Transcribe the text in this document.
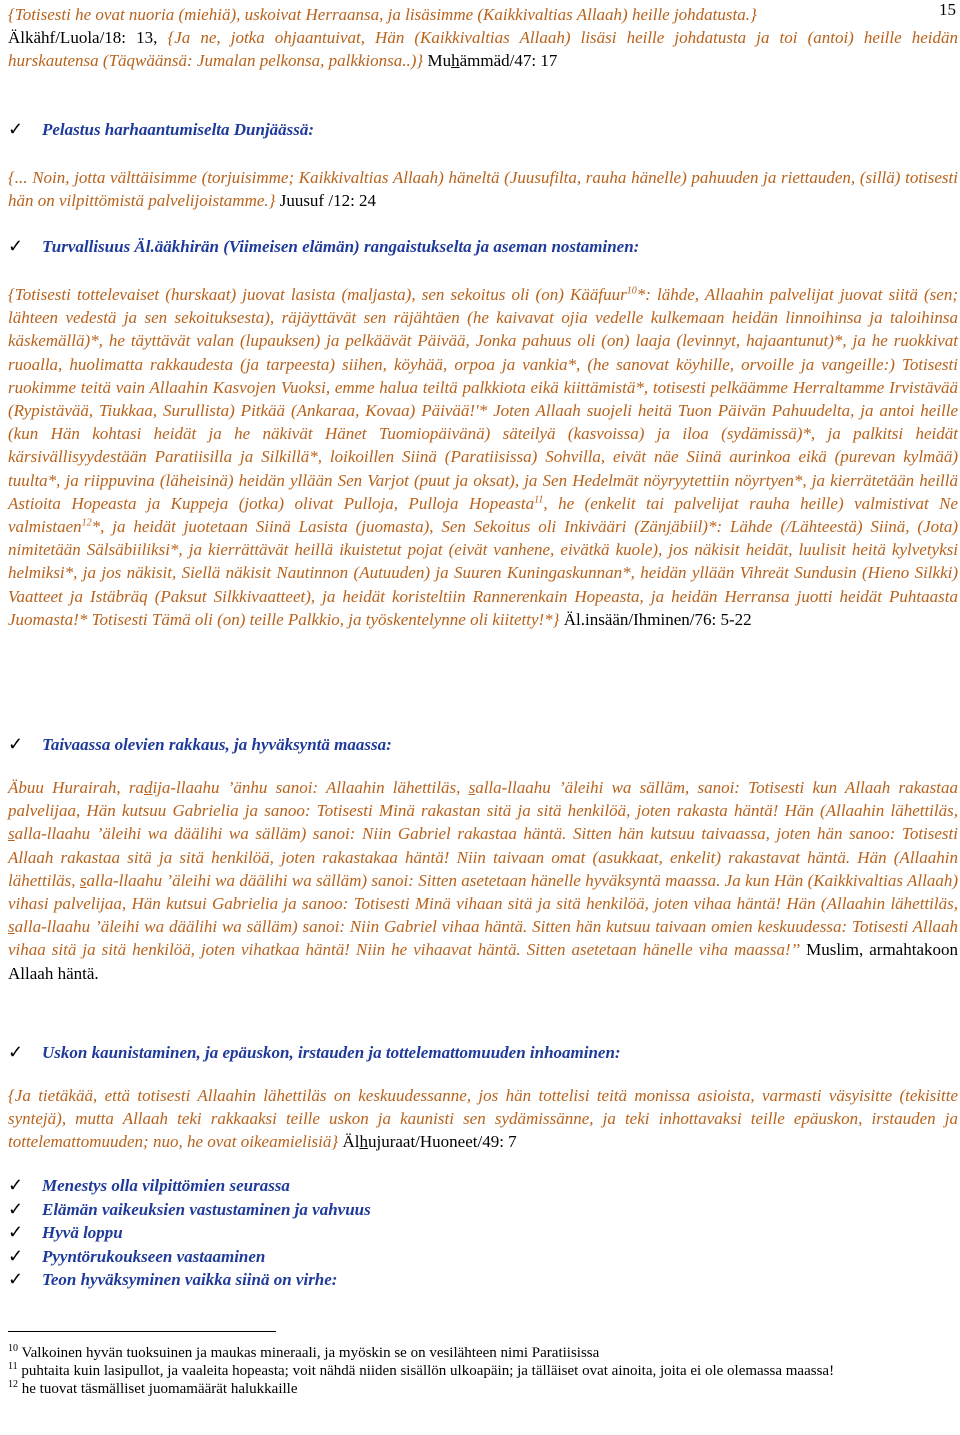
15

{Totisesti he ovat nuoria (miehiä), uskoivat Herraansa, ja lisäsimme (Kaikkivaltias Allaah) heille johdatusta.}
Älkähf/Luola/18: 13, {Ja ne, jotka ohjaantuivat, Hän (Kaikkivaltias Allaah) lisäsi heille johdatusta ja toi (antoi) heille heidän hurskautensa (Täqwäänsä: Jumalan pelkonsa, palkkionsa..)} Muhämmäd/47: 17

✓	Pelastus harhaantumiselta Dunjäässä:

{... Noin, jotta välttäisimme (torjuisimme; Kaikkivaltias Allaah) häneltä (Juusufilta, rauha hänelle) pahuuden ja riettauden, (sillä) totisesti hän on vilpittömistä palvelijoistamme.} Juusuf /12: 24

✓	Turvallisuus Äl.ääkhirän (Viimeisen elämän) rangaistukselta ja aseman nostaminen:

{Totisesti tottelevaiset (hurskaat) juovat lasista (maljasta), sen sekoitus oli (on) Kääfuur$^{10}$*: lähde, Allaahin palvelijat juovat siitä (sen; lähteen vedestä ja sen sekoituksesta), räjäyttävät sen räjähtäen (he kaivavat ojia vedelle kulkemaan heidän linnoihinsa ja taloihinsa käskemällä)*, he täyttävät valan (lupauksen) ja pelkäävät Päivää, Jonka pahuus oli (on) laaja (levinnyt, hajaantunut)*, ja he ruokkivat ruoalla, huolimatta rakkaudesta (ja tarpeesta) siihen, köyhää, orpoa ja vankia*, (he sanovat köyhille, orvoille ja vangeille:) Totisesti ruokimme teitä vain Allaahin Kasvojen Vuoksi, emme halua teiltä palkkiota eikä kiittämistä*, totisesti pelkäämme Herraltamme Irvistävää (Rypistävää, Tiukkaa, Surullista) Pitkää (Ankaraa, Kovaa) Päivää!'* Joten Allaah suojeli heitä Tuon Päivän Pahuudelta, ja antoi heille (kun Hän kohtasi heidät ja he näkivät Hänet Tuomiopäivänä) säteilyä (kasvoissa) ja iloa (sydämissä)*, ja palkitsi heidät kärsivällisyydestään Paratiisilla ja Silkillä*, loikoillen Siinä (Paratiisissa) Sohvilla, eivät näe Siinä aurinkoa eikä (purevan kylmää) tuulta*, ja riippuvina (läheisinä) heidän yllään Sen Varjot (puut ja oksat), ja Sen Hedelmät nöyryytettiin nöyrtyen*, ja kierrätetään heillä Astioita Hopeasta ja Kuppeja (jotka) olivat Pulloja, Pulloja Hopeasta$^{11}$, he (enkelit tai palvelijat rauha heille) valmistivat Ne valmistaen$^{12}$*, ja heidät juotetaan Siinä Lasista (juomasta), Sen Sekoitus oli Inkivääri (Zänjäbiil)*: Lähde (/Lähteestä) Siinä, (Jota) nimitetään Sälsäbiiliksi*, ja kierrättävät heillä ikuistetut pojat (eivät vanhene, eivätkä kuole), jos näkisit heidät, luulisit heitä kylvetyksi helmiksi*, ja jos näkisit, Siellä näkisit Nautinnon (Autuuden) ja Suuren Kuningaskunnan*, heidän yllään Vihreät Sundusin (Hieno Silkki) Vaatteet ja Istäbräq (Paksut Silkkivaatteet), ja heidät koristeltiin Rannerenkain Hopeasta, ja heidän Herransa juotti heidät Puhtaasta Juomasta!* Totisesti Tämä oli (on) teille Palkkio, ja työskentelynne oli kiitetty!*} Äl.insään/Ihminen/76: 5-22

✓	Taivaassa olevien rakkaus, ja hyväksyntä maassa:

Äbuu Hurairah, radija-llaahu ’änhu sanoi: Allaahin lähettiläs, salla-llaahu ’äleihi wa sälläm, sanoi: Totisesti kun Allaah rakastaa palvelijaa, Hän kutsuu Gabrielia ja sanoo: Totisesti Minä rakastan sitä ja sitä henkilöä, joten rakasta häntä! Hän (Allaahin lähettiläs, salla-llaahu ’äleihi wa däälihi wa sälläm) sanoi: Niin Gabriel rakastaa häntä. Sitten hän kutsuu taivaassa, joten hän sanoo: Totisesti Allaah rakastaa sitä ja sitä henkilöä, joten rakastakaa häntä! Niin taivaan omat (asukkaat, enkelit) rakastavat häntä. Hän (Allaahin lähettiläs, salla-llaahu ’äleihi wa däälihi wa sälläm) sanoi: Sitten asetetaan hänelle hyväksyntä maassa. Ja kun Hän (Kaikkivaltias Allaah) vihasi palvelijaa, Hän kutsui Gabrielia ja sanoo: Totisesti Minä vihaan sitä ja sitä henkilöä, joten vihaa häntä! Hän (Allaahin lähettiläs, salla-llaahu ’äleihi wa däälihi wa sälläm) sanoi: Niin Gabriel vihaa häntä. Sitten hän kutsuu taivaan omien keskuudessa: Totisesti Allaah vihaa sitä ja sitä henkilöä, joten vihatkaa häntä! Niin he vihaavat häntä. Sitten asetetaan hänelle viha maassa!’’ Muslim, armahtakoon Allaah häntä.

✓	Uskon kaunistaminen, ja epäuskon, irstauden ja tottelemattomuuden inhoaminen:

{Ja tietäkää, että totisesti Allaahin lähettiläs on keskuudessanne, jos hän tottelisi teitä monissa asioista, varmasti väsyisitte (tekisitte syntejä), mutta Allaah teki rakkaaksi teille uskon ja kaunisti sen sydämissänne, ja teki inhottavaksi teille epäuskon, irstauden ja tottelemattomuuden; nuo, he ovat oikeamielisiä} Älhujuraat/Huoneet/49: 7

✓	Menestys olla vilpittömien seurassa
✓	Elämän vaikeuksien vastustaminen ja vahvuus
✓	Hyvä loppu
✓	Pyyntörukoukseen vastaaminen
✓	Teon hyväksyminen vaikka siinä on virhe:

$^{10}$ Valkoinen hyvän tuoksuinen ja maukas mineraali, ja myöskin se on vesilähteen nimi Paratiisissa

$^{11}$ puhtaita kuin lasipullot, ja vaaleita hopeasta; voit nähdä niiden sisällön ulkoapäin; ja tälläiset ovat ainoita, joita ei ole olemassa maassa!

$^{12}$ he tuovat täsmälliset juomamäärät halukkaille
